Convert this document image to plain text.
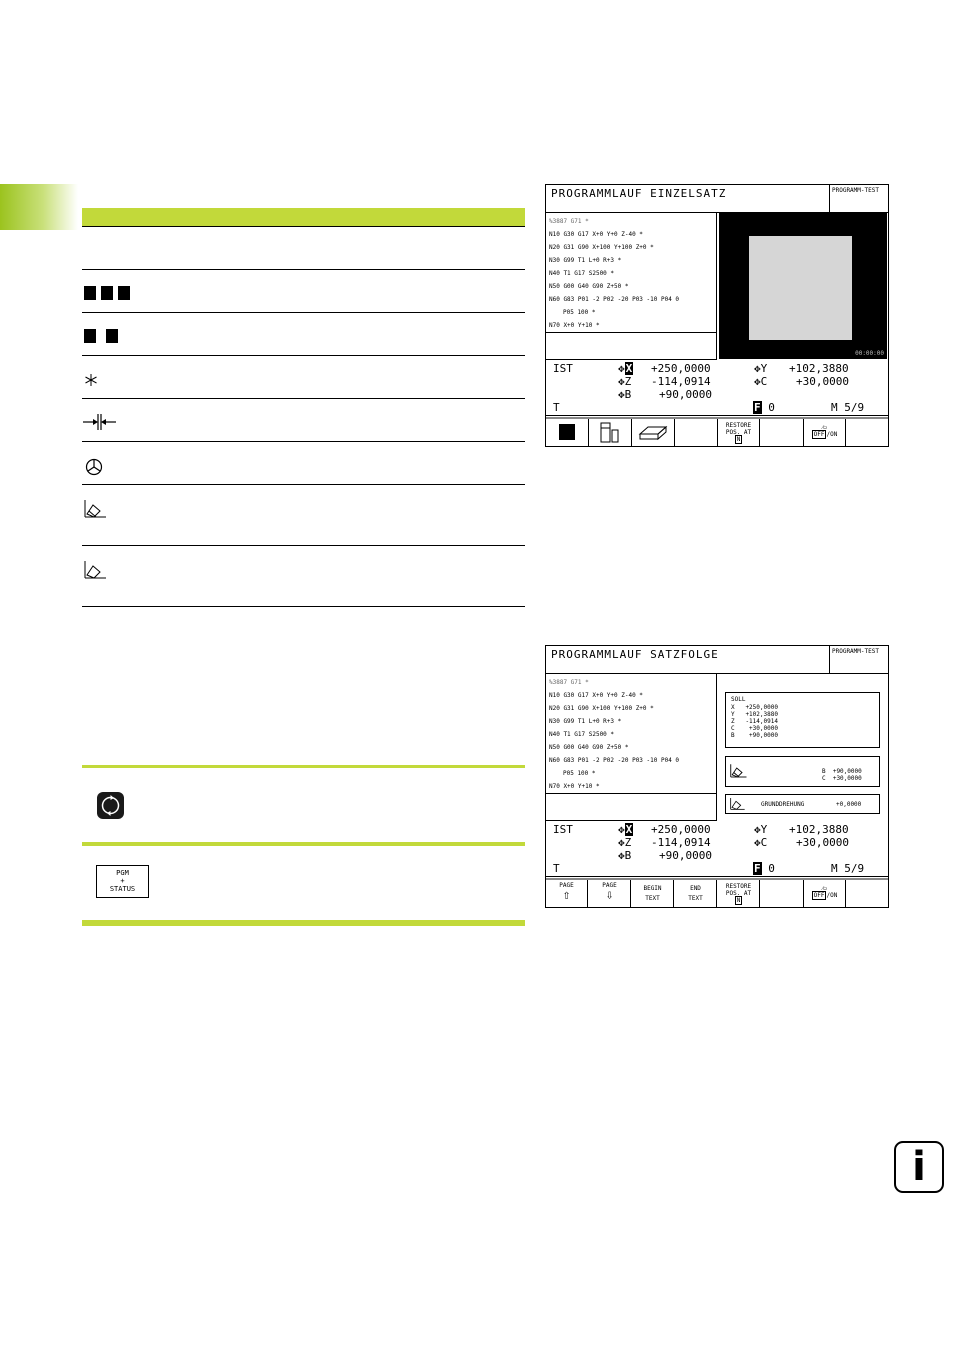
PGM
+
STATUS
PROGRAMMLAUF EINZELSATZ	PROGRAMM-TEST
%3887 G71 *
N10 G30 G17 X+0 Y+0 Z-40 *
N20 G31 G90 X+100 Y+100 Z+0 *
N30 G99 T1 L+0 R+3 *
N40 T1 G17 S2500 *
N50 G00 G40 G90 Z+50 *
N60 G83 P01 -2 P02 -20 P03 -10 P04 0
P05 100 *
N70 X+0 Y+10 *
00:00:00
IST	✥X +250,0000	✥Y +102,3880
✥Z -114,0914	✥C	+30,0000
✥B	+90,0000
T	F 0	M 5/9
RESTORE
POS. AT
N
⁄▭
OFF /ON
PROGRAMMLAUF SATZFOLGE	PROGRAMM-TEST
%3887 G71 *
N10 G30 G17 X+0 Y+0 Z-40 *
N20 G31 G90 X+100 Y+100 Z+0 *
N30 G99 T1 L+0 R+3 *
N40 T1 G17 S2500 *
N50 G00 G40 G90 Z+50 *
N60 G83 P01 -2 P02 -20 P03 -10 P04 0
P05 100 *
N70 X+0 Y+10 *
SOLL
X   +250,0000
Y   +102,3880
Z   -114,0914
C    +30,0000
B    +90,0000
B  +90,0000
C  +30,0000
GRUNDDREHUNG	+0,0000
IST	✥X +250,0000	✥Y +102,3880
✥Z -114,0914	✥C	+30,0000
✥B	+90,0000
T	F 0	M 5/9
PAGE
⇧
PAGE
⇩	BEGIN
TEXT
END
TEXT
RESTORE
POS. AT
N
⁄▭
OFF /ON
i
